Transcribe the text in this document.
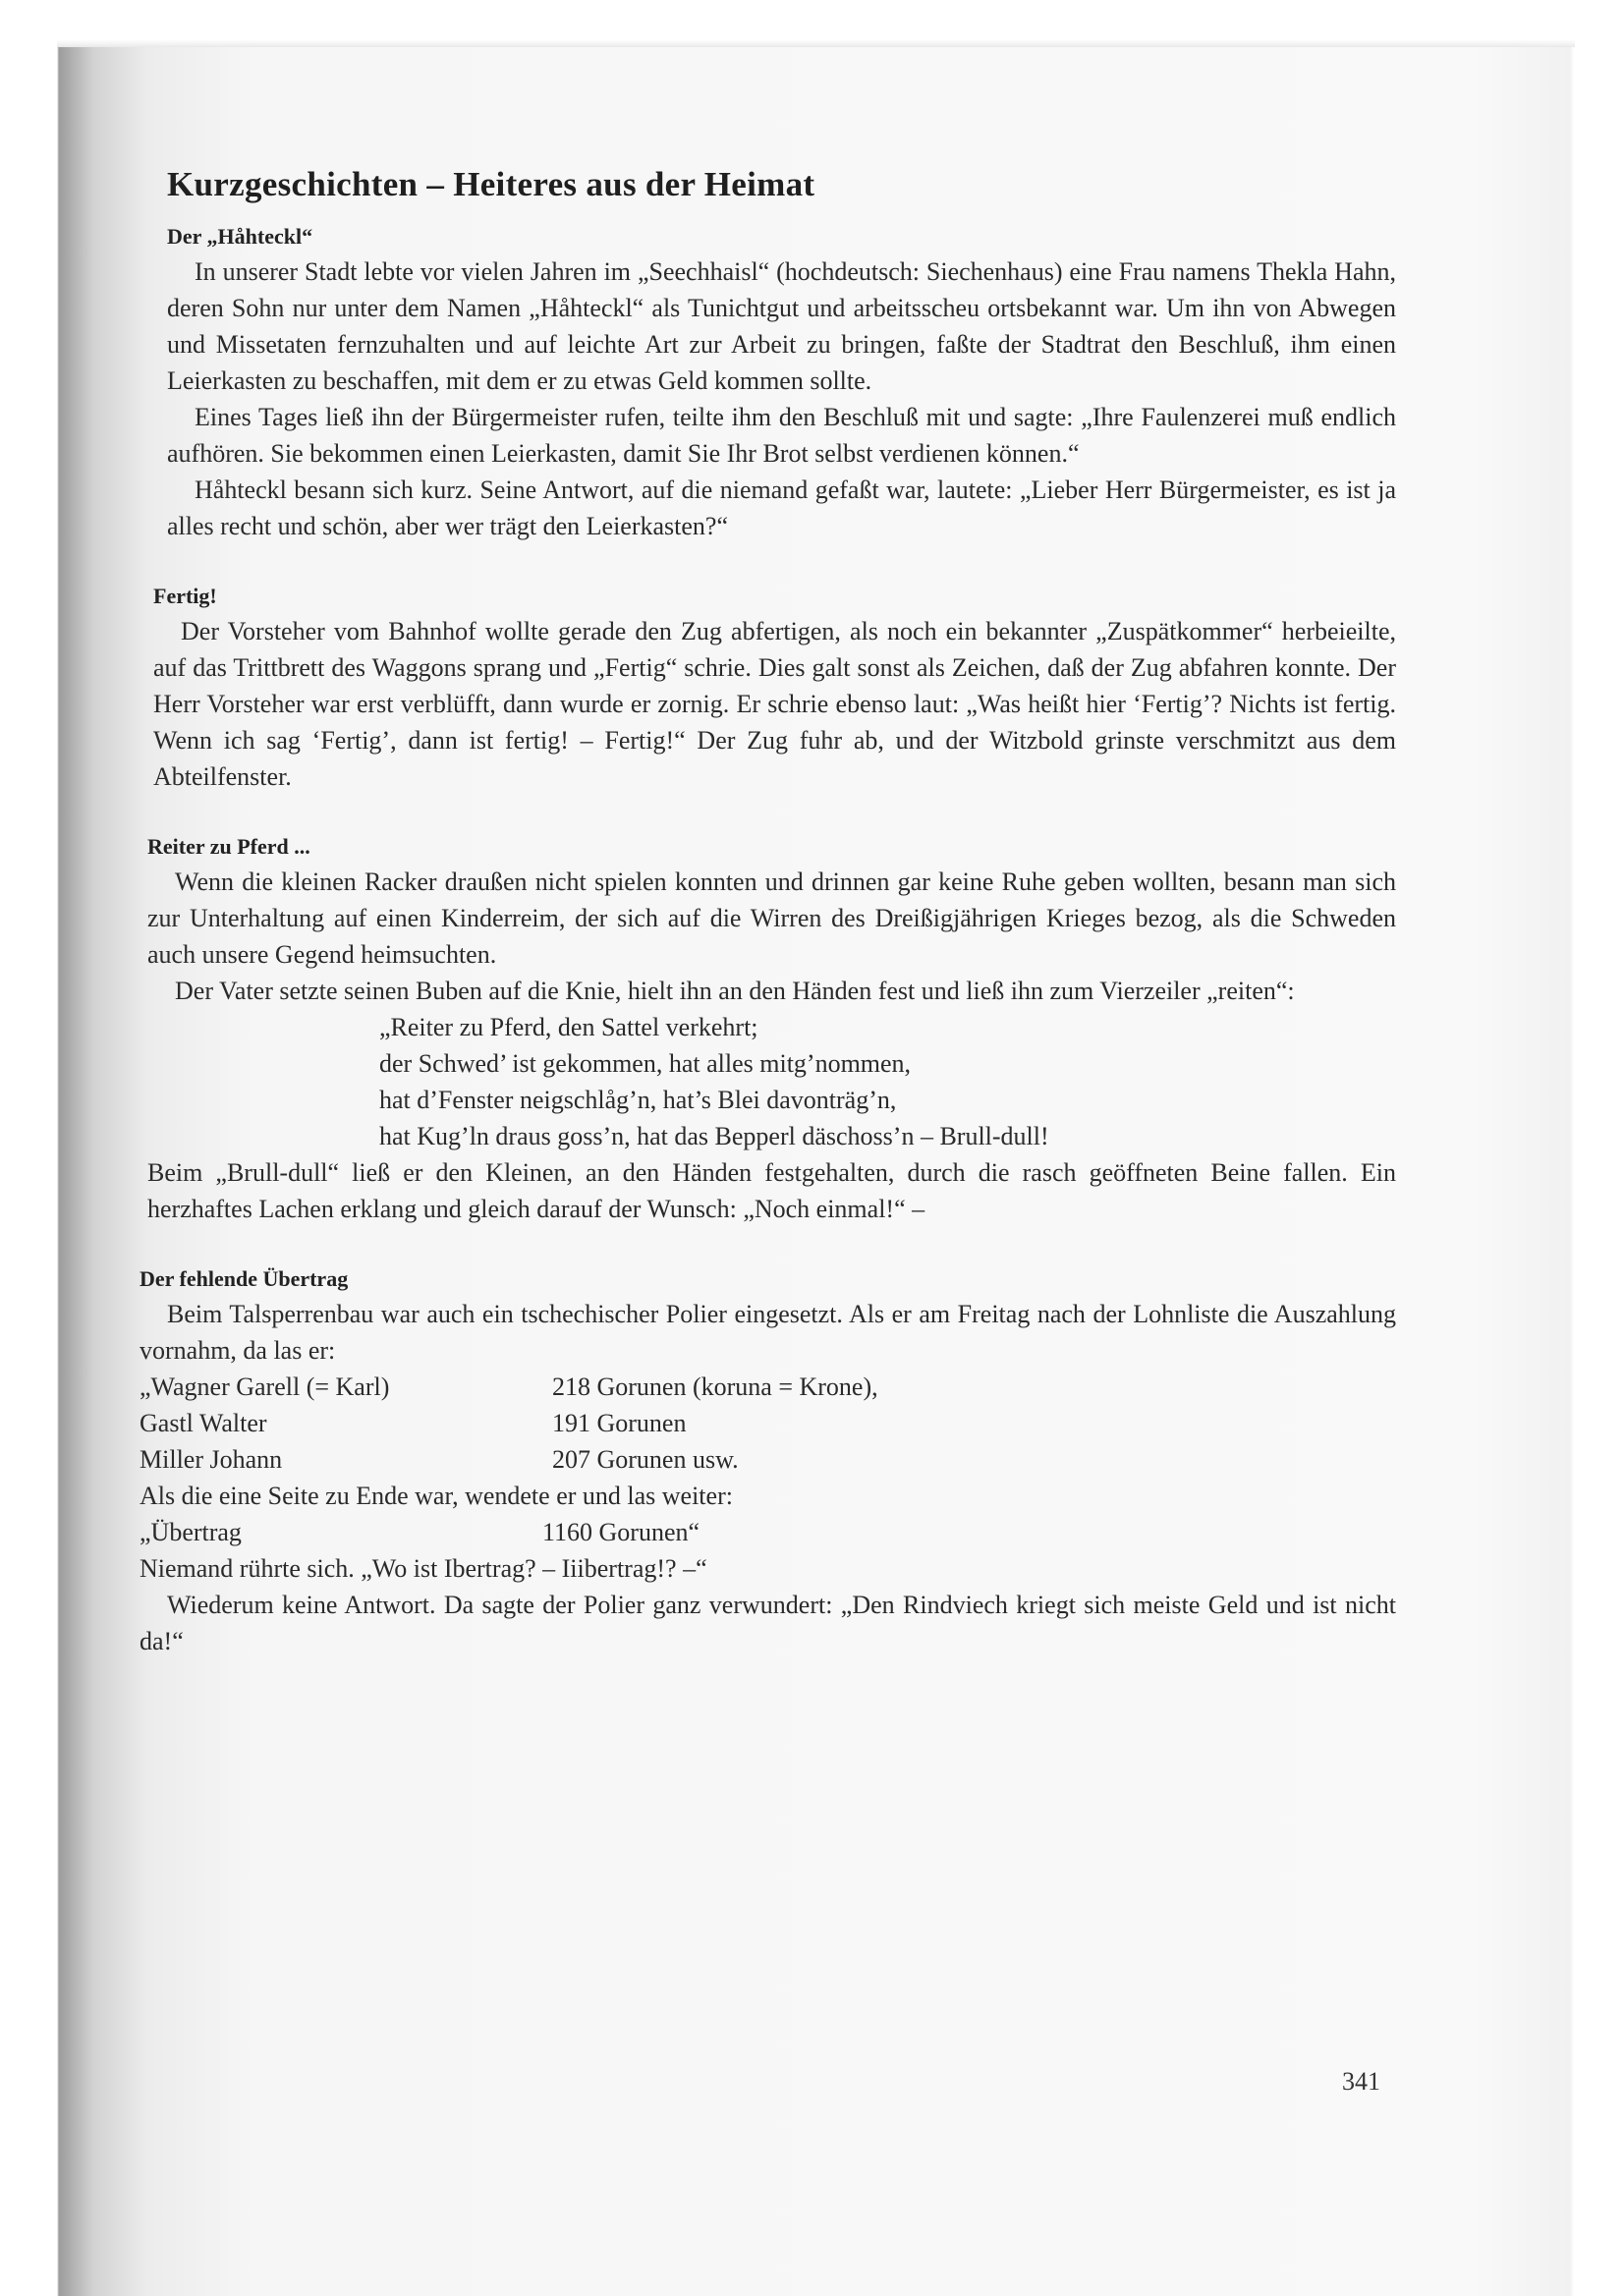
Kurzgeschichten – Heiteres aus der Heimat
Der „Håhteckl“

In unserer Stadt lebte vor vielen Jahren im „Seechhaisl“ (hochdeutsch: Siechenhaus) eine Frau namens Thekla Hahn, deren Sohn nur unter dem Namen „Håhteckl“ als Tunichtgut und arbeitsscheu ortsbekannt war. Um ihn von Abwegen und Missetaten fernzuhalten und auf leichte Art zur Arbeit zu bringen, faßte der Stadtrat den Beschluß, ihm einen Leierkasten zu beschaffen, mit dem er zu etwas Geld kommen sollte.

Eines Tages ließ ihn der Bürgermeister rufen, teilte ihm den Beschluß mit und sagte: „Ihre Faulenzerei muß endlich aufhören. Sie bekommen einen Leierkasten, damit Sie Ihr Brot selbst verdienen können.“

Håhteckl besann sich kurz. Seine Antwort, auf die niemand gefaßt war, lautete: „Lieber Herr Bürgermeister, es ist ja alles recht und schön, aber wer trägt den Leierkasten?“

Fertig!

Der Vorsteher vom Bahnhof wollte gerade den Zug abfertigen, als noch ein bekannter „Zuspätkommer“ herbeieilte, auf das Trittbrett des Waggons sprang und „Fertig“ schrie. Dies galt sonst als Zeichen, daß der Zug abfahren konnte. Der Herr Vorsteher war erst verblüfft, dann wurde er zornig. Er schrie ebenso laut: „Was heißt hier ‘Fertig’? Nichts ist fertig. Wenn ich sag ‘Fertig’, dann ist fertig! – Fertig!“ Der Zug fuhr ab, und der Witzbold grinste verschmitzt aus dem Abteilfenster.

Reiter zu Pferd ...

Wenn die kleinen Racker draußen nicht spielen konnten und drinnen gar keine Ruhe geben wollten, besann man sich zur Unterhaltung auf einen Kinderreim, der sich auf die Wirren des Dreißigjährigen Krieges bezog, als die Schweden auch unsere Gegend heimsuchten.

Der Vater setzte seinen Buben auf die Knie, hielt ihn an den Händen fest und ließ ihn zum Vierzeiler „reiten“:

„Reiter zu Pferd, den Sattel verkehrt;
der Schwed’ ist gekommen, hat alles mitg’nommen,
hat d’Fenster neigschlåg’n, hat’s Blei davonträg’n,
hat Kug’ln draus goss’n, hat das Bepperl däschoss’n – Brull-dull!

Beim „Brull-dull“ ließ er den Kleinen, an den Händen festgehalten, durch die rasch geöffneten Beine fallen. Ein herzhaftes Lachen erklang und gleich darauf der Wunsch: „Noch einmal!“ –

Der fehlende Übertrag

Beim Talsperrenbau war auch ein tschechischer Polier eingesetzt. Als er am Freitag nach der Lohnliste die Auszahlung vornahm, da las er:

„Wagner Garell (= Karl)	218 Gorunen (koruna = Krone),
Gastl Walter	191 Gorunen
Miller Johann	207 Gorunen usw.

Als die eine Seite zu Ende war, wendete er und las weiter:

„Übertrag	1160 Gorunen“

Niemand rührte sich. „Wo ist Ibertrag? – Iiibertrag!? –“

Wiederum keine Antwort. Da sagte der Polier ganz verwundert: „Den Rindviech kriegt sich meiste Geld und ist nicht da!“

341
